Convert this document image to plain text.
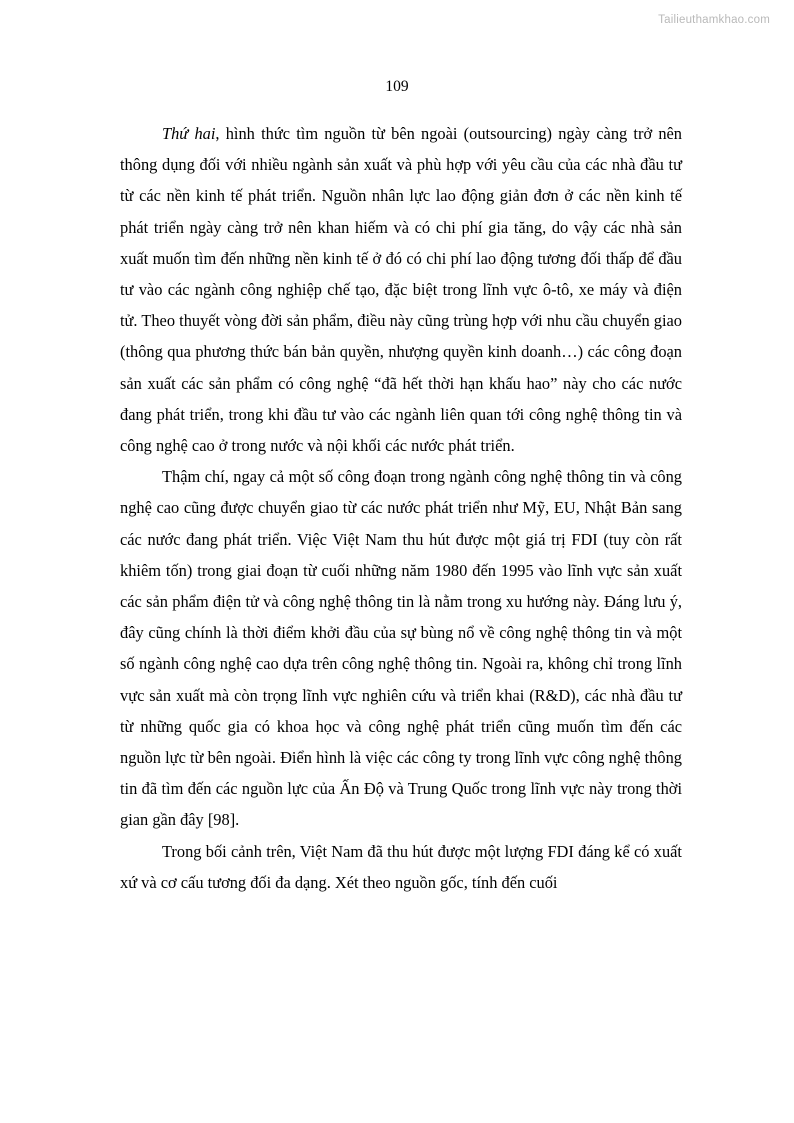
Tailieuthamkhao.com
109

Thứ hai, hình thức tìm nguồn từ bên ngoài (outsourcing) ngày càng trở nên thông dụng đối với nhiều ngành sản xuất và phù hợp với yêu cầu của các nhà đầu tư từ các nền kinh tế phát triển. Nguồn nhân lực lao động giản đơn ở các nền kinh tế phát triển ngày càng trở nên khan hiếm và có chi phí gia tăng, do vậy các nhà sản xuất muốn tìm đến những nền kinh tế ở đó có chi phí lao động tương đối thấp để đầu tư vào các ngành công nghiệp chế tạo, đặc biệt trong lĩnh vực ô-tô, xe máy và điện tử. Theo thuyết vòng đời sản phẩm, điều này cũng trùng hợp với nhu cầu chuyển giao (thông qua phương thức bán bản quyền, nhượng quyền kinh doanh…) các công đoạn sản xuất các sản phẩm có công nghệ “đã hết thời hạn khấu hao” này cho các nước đang phát triển, trong khi đầu tư vào các ngành liên quan tới công nghệ thông tin và công nghệ cao ở trong nước và nội khối các nước phát triển.

Thậm chí, ngay cả một số công đoạn trong ngành công nghệ thông tin và công nghệ cao cũng được chuyển giao từ các nước phát triển như Mỹ, EU, Nhật Bản sang các nước đang phát triển. Việc Việt Nam thu hút được một giá trị FDI (tuy còn rất khiêm tốn) trong giai đoạn từ cuối những năm 1980 đến 1995 vào lĩnh vực sản xuất các sản phẩm điện tử và công nghệ thông tin là nằm trong xu hướng này. Đáng lưu ý, đây cũng chính là thời điểm khởi đầu của sự bùng nổ về công nghệ thông tin và một số ngành công nghệ cao dựa trên công nghệ thông tin. Ngoài ra, không chỉ trong lĩnh vực sản xuất mà còn trọng lĩnh vực nghiên cứu và triển khai (R&D), các nhà đầu tư từ những quốc gia có khoa học và công nghệ phát triển cũng muốn tìm đến các nguồn lực từ bên ngoài. Điển hình là việc các công ty trong lĩnh vực công nghệ thông tin đã tìm đến các nguồn lực của Ấn Độ và Trung Quốc trong lĩnh vực này trong thời gian gần đây [98].

Trong bối cảnh trên, Việt Nam đã thu hút được một lượng FDI đáng kể có xuất xứ và cơ cấu tương đối đa dạng. Xét theo nguồn gốc, tính đến cuối
